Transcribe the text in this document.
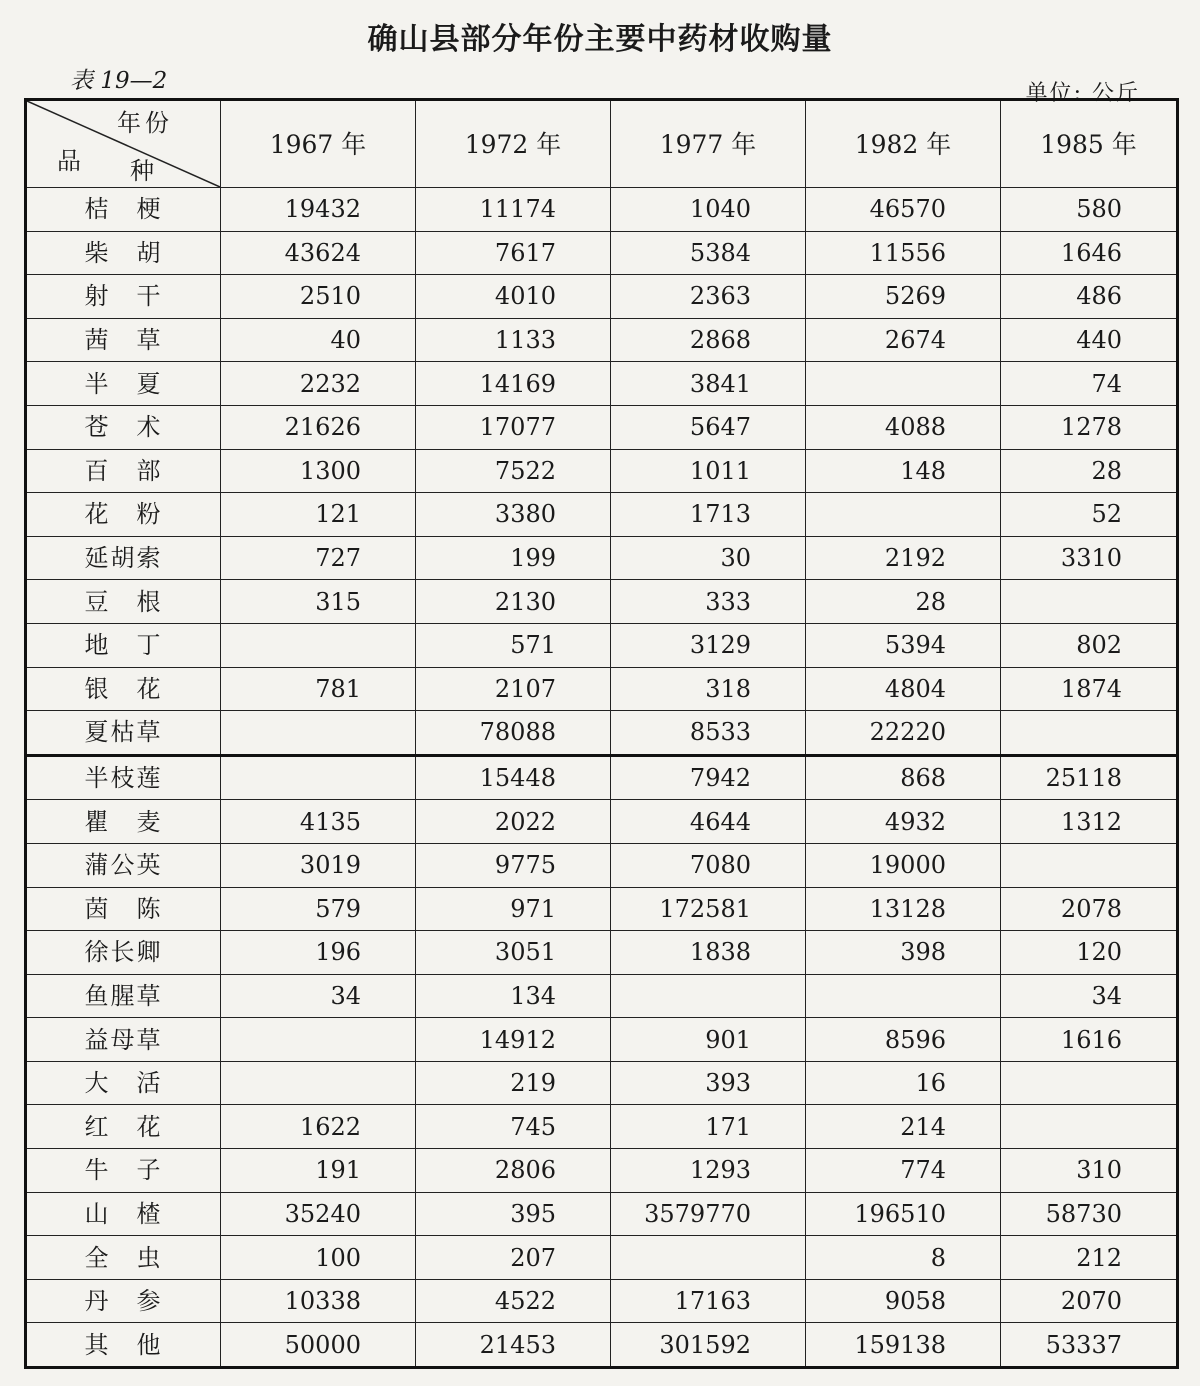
确山县部分年份主要中药材收购量
表 19—2	单位: 公斤
年份
品 种	1967 年	1972 年	1977 年	1982 年	1985 年
桔　梗	19432	11174	1040	46570	580
柴　胡	43624	7617	5384	11556	1646
射　干	2510	4010	2363	5269	486
茜　草	40	1133	2868	2674	440
半　夏	2232	14169	3841		74
苍　术	21626	17077	5647	4088	1278
百　部	1300	7522	1011	148	28
花　粉	121	3380	1713		52
延胡索	727	199	30	2192	3310
豆　根	315	2130	333	28	
地　丁		571	3129	5394	802
银　花	781	2107	318	4804	1874
夏枯草		78088	8533	22220	
半枝莲		15448	7942	868	25118
瞿　麦	4135	2022	4644	4932	1312
蒲公英	3019	9775	7080	19000	
茵　陈	579	971	172581	13128	2078
徐长卿	196	3051	1838	398	120
鱼腥草	34	134			34
益母草		14912	901	8596	1616
大　活		219	393	16	
红　花	1622	745	171	214	
牛　子	191	2806	1293	774	310
山　楂	35240	395	3579770	196510	58730
全　虫	100	207		8	212
丹　参	10338	4522	17163	9058	2070
其　他	50000	21453	301592	159138	53337
